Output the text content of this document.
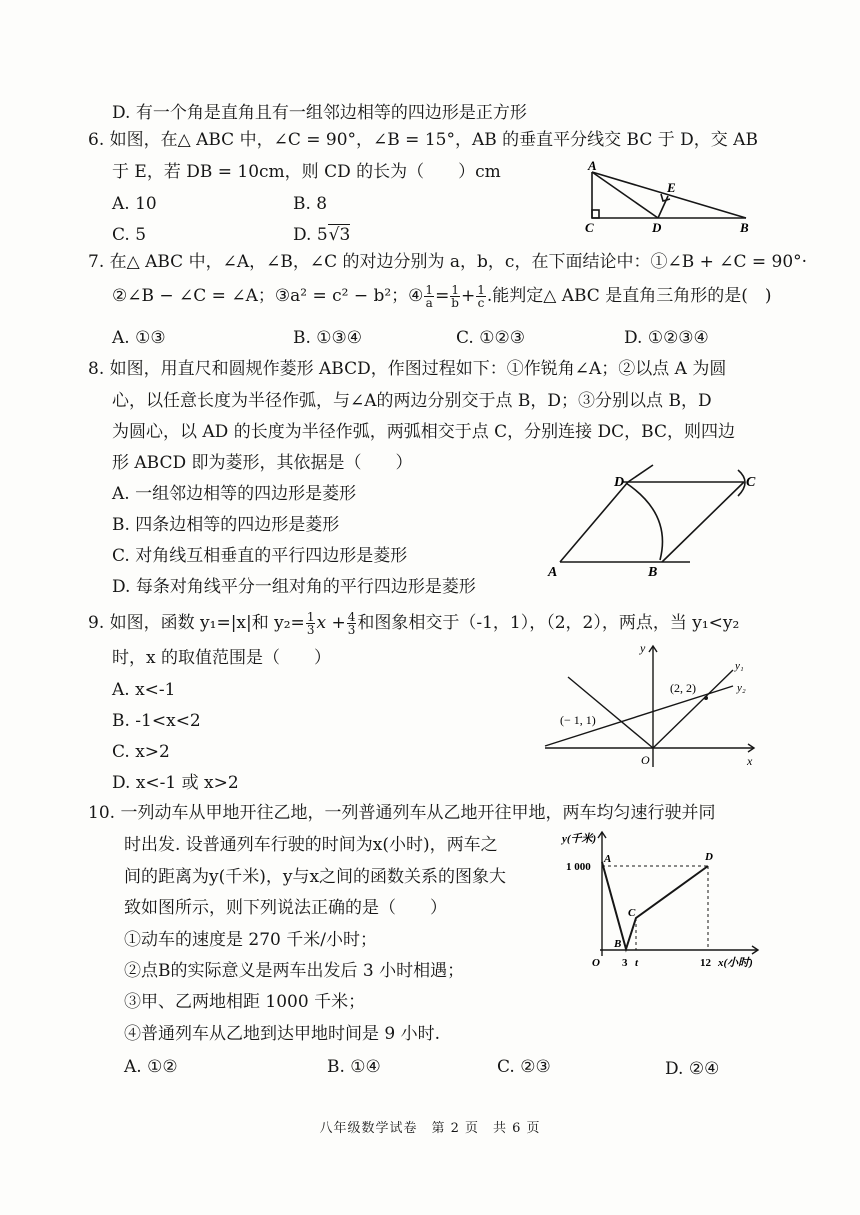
D. 有一个角是直角且有一组邻边相等的四边形是正方形
6. 如图，在△ ABC 中，∠C = 90°，∠B = 15°，AB 的垂直平分线交 BC 于 D，交 AB
于 E，若 DB = 10cm，则 CD 的长为（　　）cm
A. 10	B. 8
C. 5	D. 5√3
A
C	D
E
B
7. 在△ ABC 中，∠A，∠B，∠C 的对边分别为 a，b，c，在下面结论中：①∠B + ∠C = 90°·
②∠B − ∠C = ∠A；③a² = c² − b²；④ $\frac{1}{a} = \frac{1}{b} + \frac{1}{c}$ .能判定△ ABC 是直角三角形的是(　)
A. ①③	B. ①③④	C. ①②③	D. ①②③④
8. 如图，用直尺和圆规作菱形 ABCD，作图过程如下：①作锐角∠A；②以点 A 为圆
心，以任意长度为半径作弧，与∠A的两边分别交于点 B，D；③分别以点 B，D
为圆心，以 AD 的长度为半径作弧，两弧相交于点 C，分别连接 DC，BC，则四边
形 ABCD 即为菱形，其依据是（　　）
A. 一组邻边相等的四边形是菱形
B. 四条边相等的四边形是菱形
C. 对角线互相垂直的平行四边形是菱形
D. 每条对角线平分一组对角的平行四边形是菱形
A	B
D	C
9. 如图，函数 y₁=|x|和 $y_2= \frac{1}{3}$ $x + \frac{4}{3}$ 和图象相交于（-1，1），（2，2），两点，当 y₁<y₂
时，x 的取值范围是（　　）
A. x<-1
B. -1<x<2
C. x>2
D. x<-1 或 x>2
y
x
O
y₁
y₂
(2, 2)
(− 1, 1)
10. 一列动车从甲地开往乙地，一列普通列车从乙地开往甲地，两车均匀速行驶并同
时出发. 设普通列车行驶的时间为x(小时)，两车之
间的距离为y(千米)，y与x之间的函数关系的图象大
致如图所示，则下列说法正确的是（　　）
①动车的速度是 270 千米/小时；
②点B的实际意义是两车出发后 3 小时相遇；
③甲、乙两地相距 1000 千米；
④普通列车从乙地到达甲地时间是 9 小时.
A. ①②	B. ①④	C. ②③	D. ②④
y(千米)
1 000
A
B
C
D
O 3 t	12 x(小时)
八年级数学试卷　第 2 页　共 6 页
